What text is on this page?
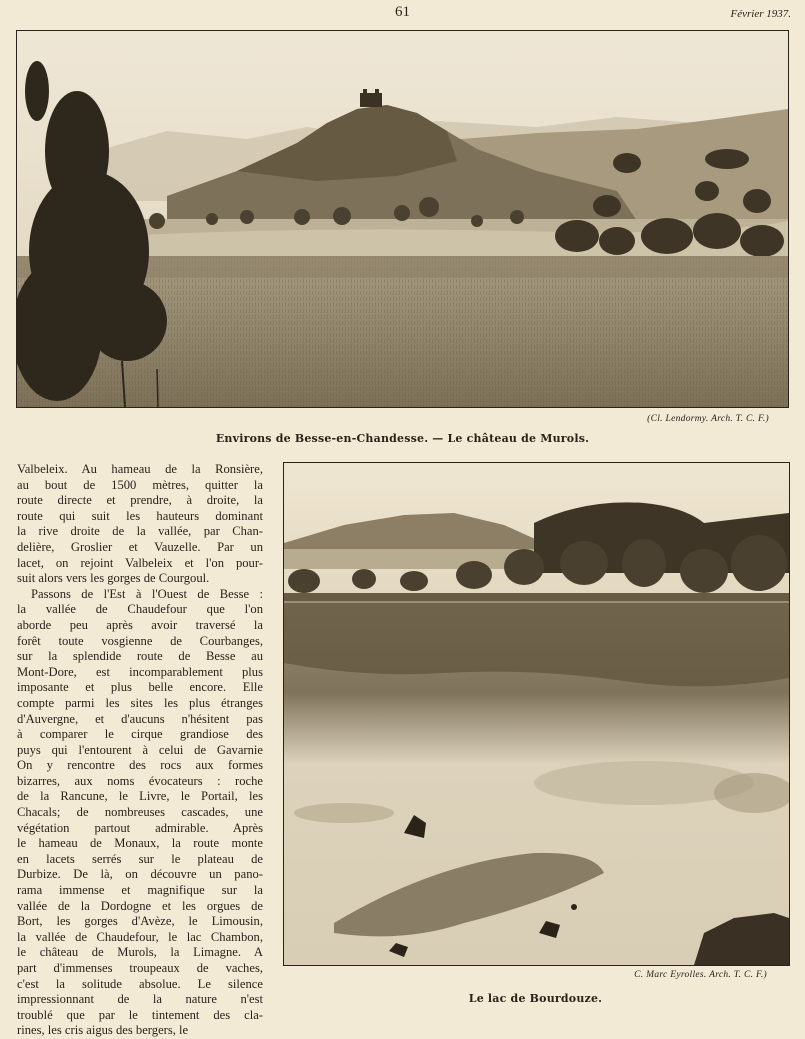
61	Février 1937.
(Cl. Lendormy. Arch. T. C. F.)
Environs de Besse-en-Chandesse. — Le château de Murols.
Valbeleix. Au hameau de la Ronsière,
au bout de 1500 mètres, quitter la
route directe et prendre, à droite, la
route qui suit les hauteurs dominant
la rive droite de la vallée, par Chan-
delière, Groslier et Vauzelle. Par un
lacet, on rejoint Valbeleix et l'on pour-
suit alors vers les gorges de Courgoul.
Passons de l'Est à l'Ouest de Besse :
la vallée de Chaudefour que l'on
aborde peu après avoir traversé la
forêt toute vosgienne de Courbanges,
sur la splendide route de Besse au
Mont-Dore, est incomparablement plus
imposante et plus belle encore. Elle
compte parmi les sites les plus étranges
d'Auvergne, et d'aucuns n'hésitent pas
à comparer le cirque grandiose des
puys qui l'entourent à celui de Gavarnie
On y rencontre des rocs aux formes
bizarres, aux noms évocateurs : roche
de la Rancune, le Livre, le Portail, les
Chacals; de nombreuses cascades, une
végétation partout admirable. Après
le hameau de Monaux, la route monte
en lacets serrés sur le plateau de
Durbize. De là, on découvre un pano-
rama immense et magnifique sur la
vallée de la Dordogne et les orgues de
Bort, les gorges d'Avèze, le Limousin,
la vallée de Chaudefour, le lac Chambon,
le château de Murols, la Limagne. A
part d'immenses troupeaux de vaches,
c'est la solitude absolue. Le silence
impressionnant de la nature n'est
troublé que par le tintement des cla-
rines, les cris aigus des bergers, le
C. Marc Eyrolles. Arch. T. C. F.)
Le lac de Bourdouze.
